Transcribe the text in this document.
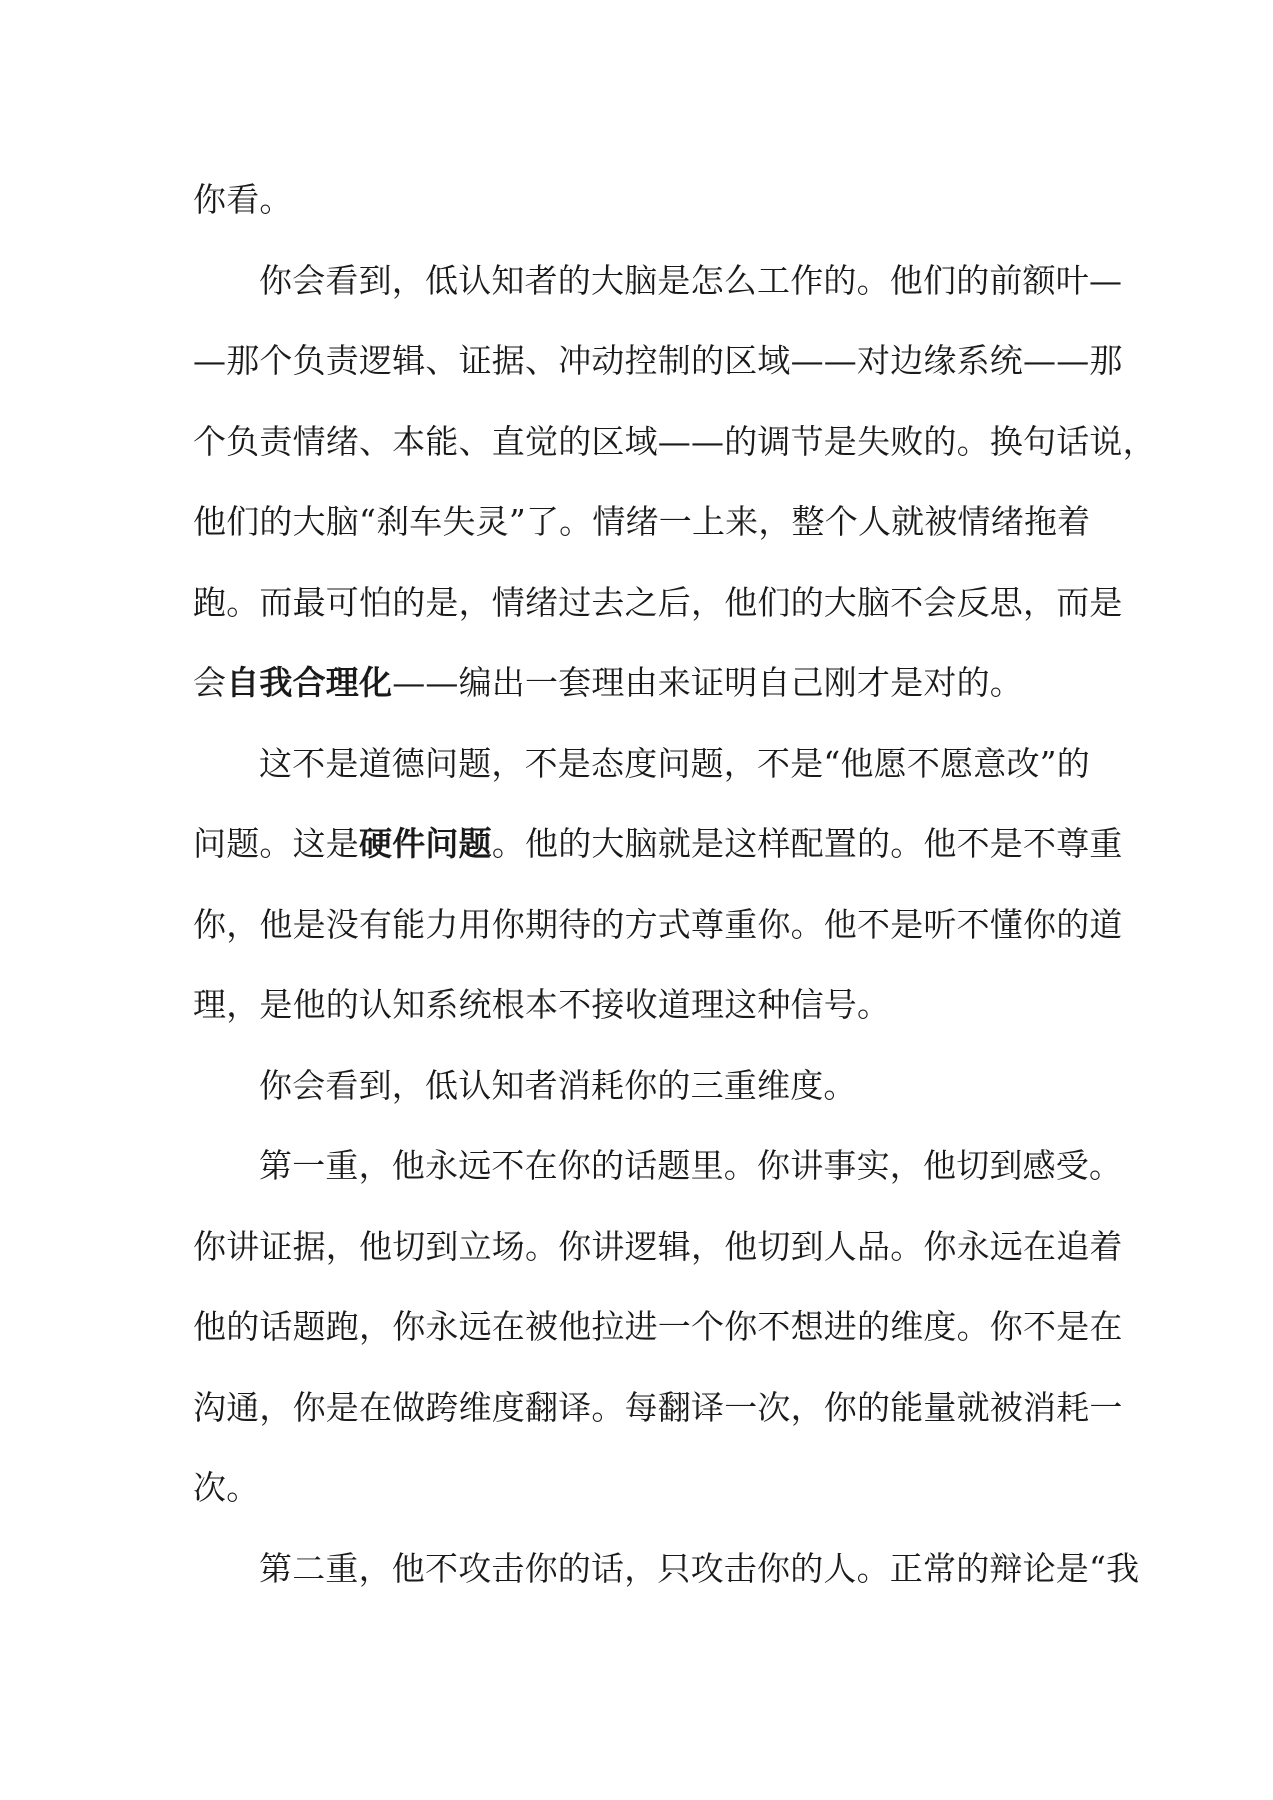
你看。
你会看到，低认知者的大脑是怎么工作的。他们的前额叶—
—那个负责逻辑、证据、冲动控制的区域——对边缘系统——那
个负责情绪、本能、直觉的区域——的调节是失败的。换句话说，
他们的大脑“刹车失灵”了。情绪一上来，整个人就被情绪拖着
跑。而最可怕的是，情绪过去之后，他们的大脑不会反思，而是
会自我合理化——编出一套理由来证明自己刚才是对的。
这不是道德问题，不是态度问题，不是“他愿不愿意改”的
问题。这是硬件问题。他的大脑就是这样配置的。他不是不尊重
你，他是没有能力用你期待的方式尊重你。他不是听不懂你的道
理，是他的认知系统根本不接收道理这种信号。
你会看到，低认知者消耗你的三重维度。
第一重，他永远不在你的话题里。你讲事实，他切到感受。
你讲证据，他切到立场。你讲逻辑，他切到人品。你永远在追着
他的话题跑，你永远在被他拉进一个你不想进的维度。你不是在
沟通，你是在做跨维度翻译。每翻译一次，你的能量就被消耗一
次。
第二重，他不攻击你的话，只攻击你的人。正常的辩论是“我
